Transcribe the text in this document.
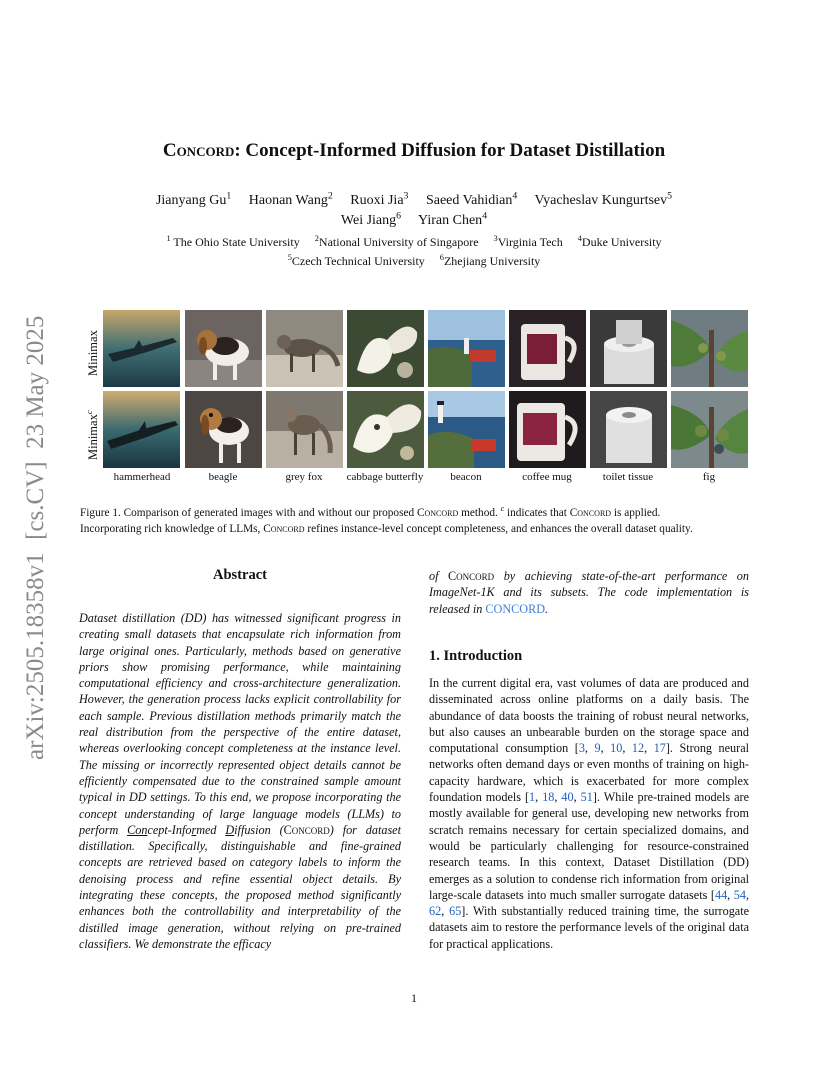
arXiv:2505.18358v1  [cs.CV]  23 May 2025
Concord: Concept-Informed Diffusion for Dataset Distillation
Jianyang Gu$^1$ Haonan Wang$^2$ Ruoxi Jia$^3$ Saeed Vahidian$^4$ Vyacheslav Kungurtsev$^5$
Wei Jiang$^6$ Yiran Chen$^4$
$^1$ The Ohio State University $^2$National University of Singapore $^3$Virginia Tech $^4$Duke University
$^5$Czech Technical University $^6$Zhejiang University
Minimax
Minimax$^c$
hammerhead	beagle	grey fox	cabbage butterfly	beacon	coffee mug	toilet tissue	fig
Figure 1. Comparison of generated images with and without our proposed Concord method. $^c$ indicates that Concord is applied.
Incorporating rich knowledge of LLMs, Concord refines instance-level concept completeness, and enhances the overall dataset quality.
Abstract
Dataset distillation (DD) has witnessed significant progress in creating small datasets that encapsulate rich information from large original ones. Particularly, methods based on generative priors show promising performance, while maintaining computational efficiency and cross-architecture generalization. However, the generation process lacks explicit controllability for each sample. Previous distillation methods primarily match the real distribution from the perspective of the entire dataset, whereas overlooking concept completeness at the instance level. The missing or incorrectly represented object details cannot be efficiently compensated due to the constrained sample amount typical in DD settings. To this end, we propose incorporating the concept understanding of large language models (LLMs) to perform Concept-Informed Diffusion (Concord) for dataset distillation. Specifically, distinguishable and fine-grained concepts are retrieved based on category labels to inform the denoising process and refine essential object details. By integrating these concepts, the proposed method significantly enhances both the controllability and interpretability of the distilled image generation, without relying on pre-trained classifiers. We demonstrate the efficacy
of Concord by achieving state-of-the-art performance on ImageNet-1K and its subsets. The code implementation is released in CONCORD.
1. Introduction
In the current digital era, vast volumes of data are produced and disseminated across online platforms on a daily basis. The abundance of data boosts the training of robust neural networks, but also causes an unbearable burden on the storage space and computational consumption [3, 9, 10, 12, 17]. Strong neural networks often demand days or even months of training on high-capacity hardware, which is exacerbated for more complex foundation models [1, 18, 40, 51]. While pre-trained models are mostly available for general use, developing new networks from scratch remains necessary for certain specialized domains, and would be particularly challenging for resource-constrained research teams. In this context, Dataset Distillation (DD) emerges as a solution to condense rich information from original large-scale datasets into much smaller surrogate datasets [44, 54, 62, 65]. With substantially reduced training time, the surrogate datasets aim to restore the performance levels of the original data for practical applications.
1
